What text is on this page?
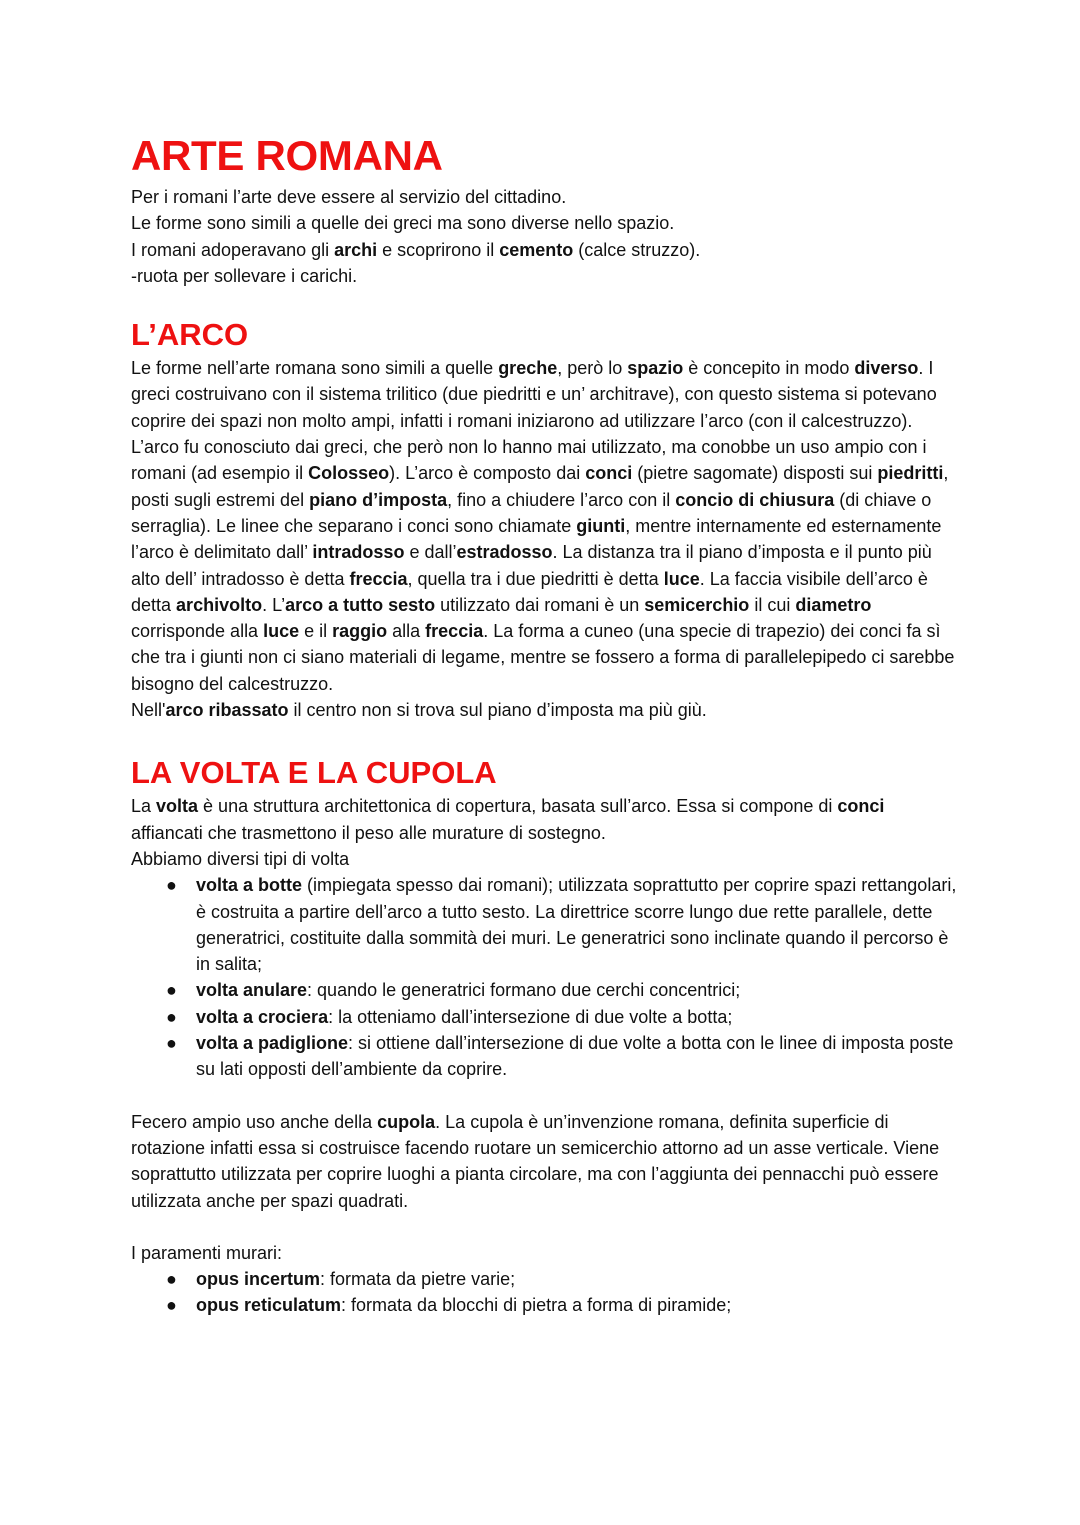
ARTE ROMANA

Per i romani l’arte deve essere al servizio del cittadino.

Le forme sono simili a quelle dei greci ma sono diverse nello spazio.

I romani adoperavano gli archi e scoprirono il cemento (calce struzzo).

-ruota per sollevare i carichi.

L’ARCO

Le forme nell’arte romana sono simili a quelle greche, però lo spazio è concepito in modo diverso. I greci costruivano con il sistema trilitico (due piedritti e un’ architrave), con questo sistema si potevano coprire dei spazi non molto ampi, infatti i romani iniziarono ad utilizzare l’arco (con il calcestruzzo).

L’arco fu conosciuto dai greci, che però non lo hanno mai utilizzato, ma conobbe un uso ampio con i romani (ad esempio il Colosseo). L’arco è composto dai conci (pietre sagomate) disposti sui piedritti, posti sugli estremi del piano d’imposta, fino a chiudere l’arco con il concio di chiusura (di chiave o serraglia). Le linee che separano i conci sono chiamate giunti, mentre internamente ed esternamente l’arco è delimitato dall’ intradosso e dall’estradosso. La distanza tra il piano d’imposta e il punto più alto dell’ intradosso è detta freccia, quella tra i due piedritti è detta luce. La faccia visibile dell’arco è detta archivolto. L’arco a tutto sesto utilizzato dai romani è un semicerchio il cui diametro corrisponde alla luce e il raggio alla freccia. La forma a cuneo (una specie di trapezio) dei conci fa sì che tra i giunti non ci siano materiali di legame, mentre se fossero a forma di parallelepipedo ci sarebbe bisogno del calcestruzzo.

Nell'arco ribassato il centro non si trova sul piano d’imposta ma più giù.

LA VOLTA E LA CUPOLA

La volta è una struttura architettonica di copertura, basata sull’arco. Essa si compone di conci affiancati che trasmettono il peso alle murature di sostegno.

Abbiamo diversi tipi di volta

● volta a botte (impiegata spesso dai romani); utilizzata soprattutto per coprire spazi rettangolari, è costruita a partire dell’arco a tutto sesto. La direttrice scorre lungo due rette parallele, dette generatrici, costituite dalla sommità dei muri. Le generatrici sono inclinate quando il percorso è in salita;
● volta anulare: quando le generatrici formano due cerchi concentrici;
● volta a crociera: la otteniamo dall’intersezione di due volte a botta;
● volta a padiglione: si ottiene dall’intersezione di due volte a botta con le linee di imposta poste su lati opposti dell’ambiente da coprire.

Fecero ampio uso anche della cupola. La cupola è un’invenzione romana, definita superficie di rotazione infatti essa si costruisce facendo ruotare un semicerchio attorno ad un asse verticale. Viene soprattutto utilizzata per coprire luoghi a pianta circolare, ma con l’aggiunta dei pennacchi può essere utilizzata anche per spazi quadrati.

I paramenti murari:

● opus incertum: formata da pietre varie;
● opus reticulatum: formata da blocchi di pietra a forma di piramide;
